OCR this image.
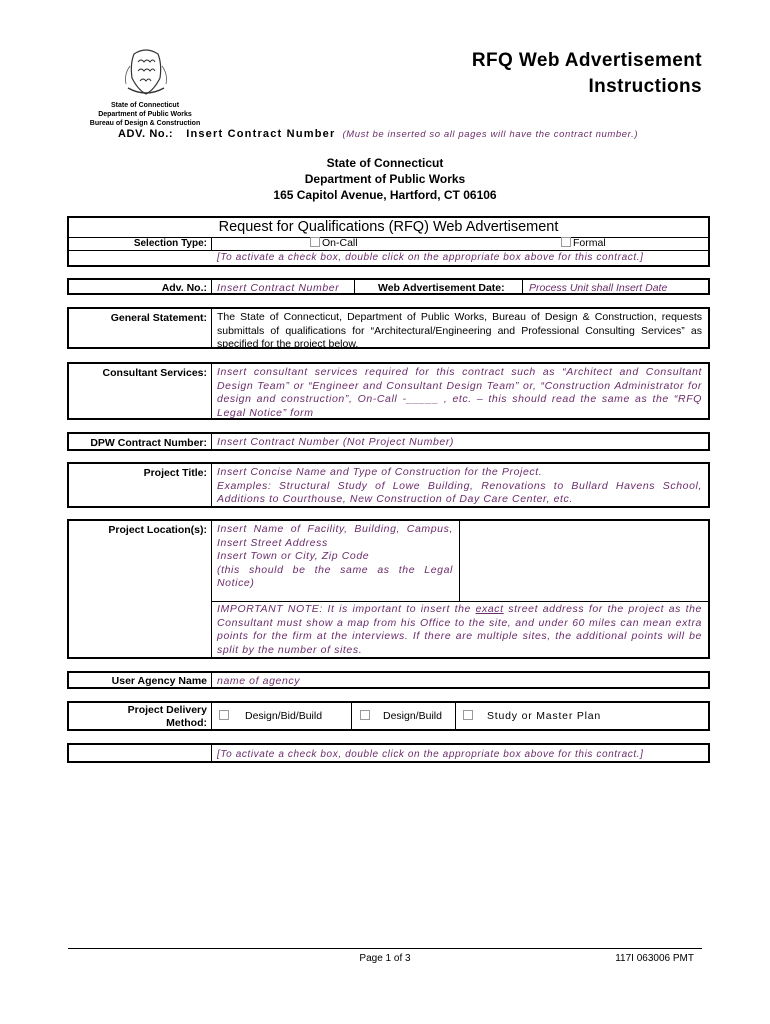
State of Connecticut
Department of Public Works
Bureau of Design & Construction
RFQ Web Advertisement
Instructions
ADV. No.: Insert Contract Number (Must be inserted so all pages will have the contract number.)
State of Connecticut
Department of Public Works
165 Capitol Avenue, Hartford, CT 06106
Request for Qualifications (RFQ) Web Advertisement
Selection Type:	On-Call	Formal
[To activate a check box, double click on the appropriate box above for this contract.]
Adv. No.: Insert Contract Number	Web Advertisement Date: Process Unit shall Insert Date
General Statement: The State of Connecticut, Department of Public Works, Bureau of Design & Construction, requests submittals of qualifications for “Architectural/Engineering and Professional Consulting Services” as specified for the project below.
Consultant Services: Insert consultant services required for this contract such as “Architect and Consultant Design Team” or “Engineer and Consultant Design Team” or, “Construction Administrator for design and construction”, On-Call -_____ , etc. – this should read the same as the “RFQ Legal Notice” form
DPW Contract Number: Insert Contract Number (Not Project Number)
Project Title: Insert Concise Name and Type of Construction for the Project.
Examples: Structural Study of Lowe Building, Renovations to Bullard Havens School, Additions to Courthouse, New Construction of Day Care Center, etc.
Project Location(s): Insert Name of Facility, Building, Campus,
Insert Street Address
Insert Town or City, Zip Code
(this should be the same as the Legal Notice)
IMPORTANT NOTE: It is important to insert the exact street address for the project as the Consultant must show a map from his Office to the site, and under 60 miles can mean extra points for the firm at the interviews. If there are multiple sites, the additional points will be split by the number of sites.
User Agency Name name of agency
Project Delivery
Method:
Design/Bid/Build	Design/Build	Study or Master Plan
[To activate a check box, double click on the appropriate box above for this contract.]
Page 1 of 3	117I 063006 PMT
